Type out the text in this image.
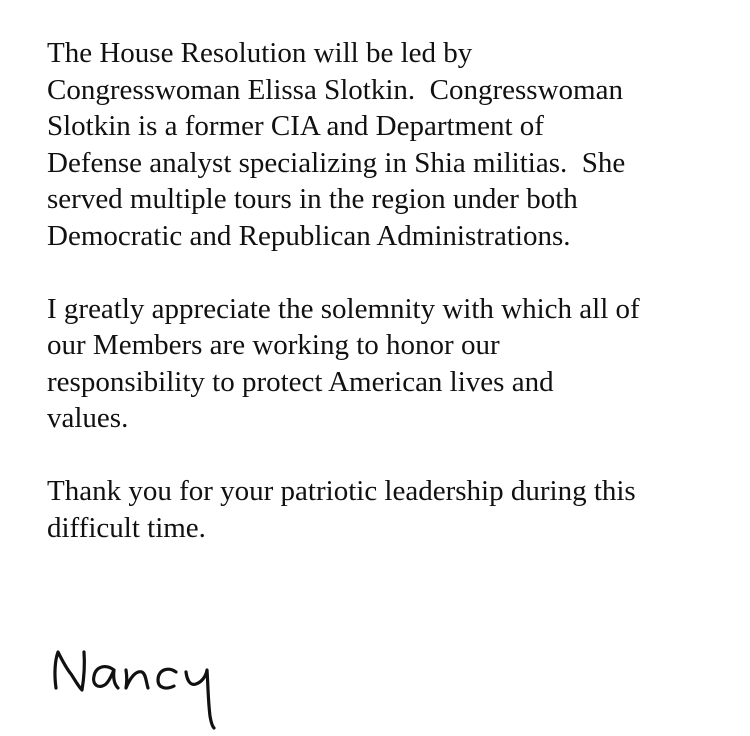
The House Resolution will be led by
Congresswoman Elissa Slotkin.  Congresswoman
Slotkin is a former CIA and Department of
Defense analyst specializing in Shia militias.  She
served multiple tours in the region under both
Democratic and Republican Administrations.

I greatly appreciate the solemnity with which all of
our Members are working to honor our
responsibility to protect American lives and
values.

Thank you for your patriotic leadership during this
difficult time.
